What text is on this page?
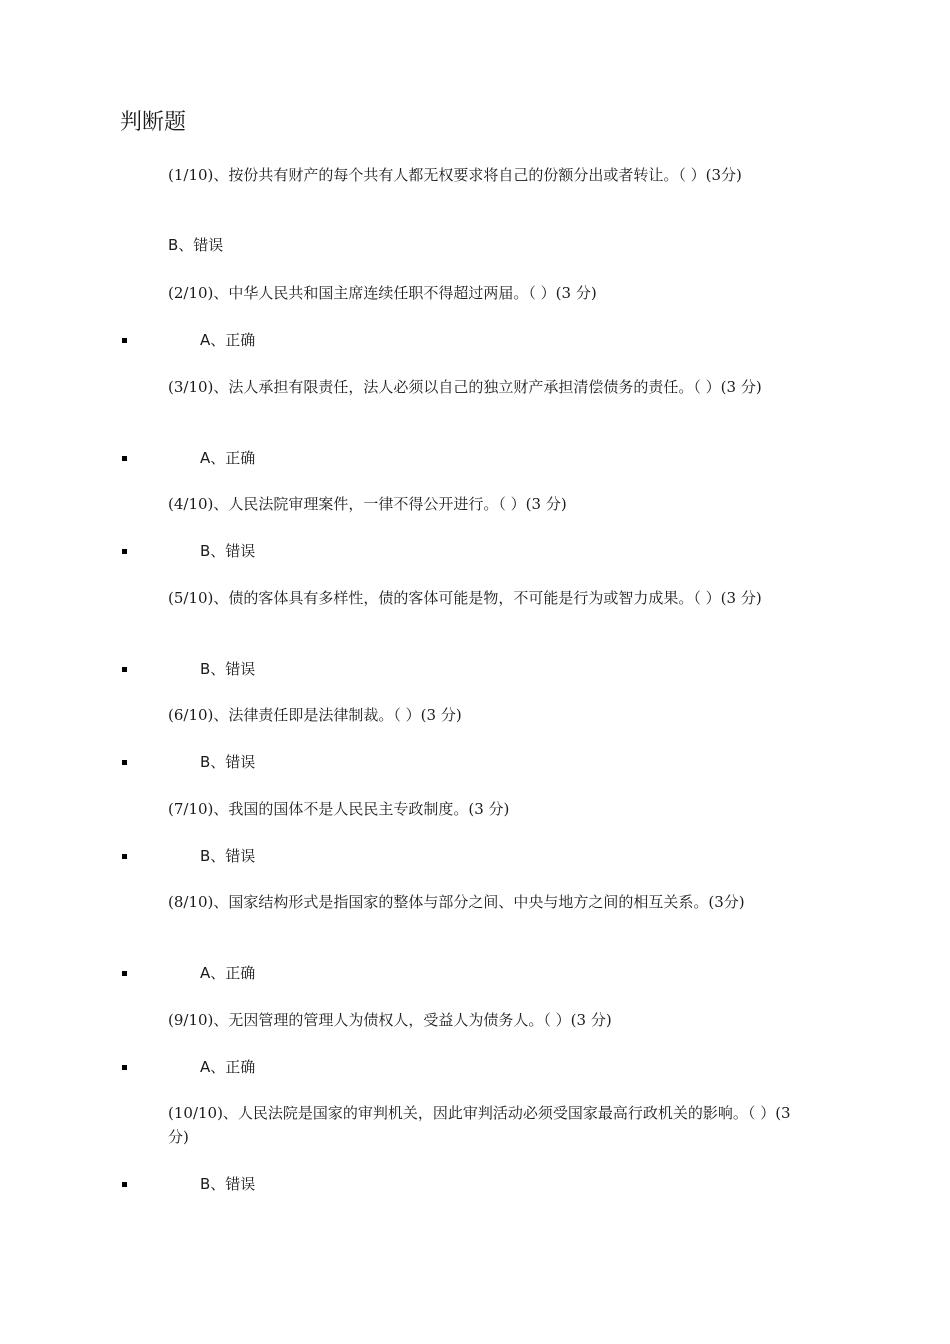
判断题

(1/10)、按份共有财产的每个共有人都无权要求将自己的份额分出或者转让。（ ）(3分)

B、错误

(2/10)、中华人民共和国主席连续任职不得超过两届。（ ）(3 分)

A、正确

(3/10)、法人承担有限责任，法人必须以自己的独立财产承担清偿债务的责任。（ ）(3 分)

A、正确

(4/10)、人民法院审理案件，一律不得公开进行。（ ）(3 分)

B、错误

(5/10)、债的客体具有多样性，债的客体可能是物，不可能是行为或智力成果。（ ）(3 分)

B、错误

(6/10)、法律责任即是法律制裁。（ ）(3 分)

B、错误

(7/10)、我国的国体不是人民民主专政制度。(3 分)

B、错误

(8/10)、国家结构形式是指国家的整体与部分之间、中央与地方之间的相互关系。(3分)

A、正确

(9/10)、无因管理的管理人为债权人，受益人为债务人。（ ）(3 分)

A、正确

(10/10)、人民法院是国家的审判机关，因此审判活动必须受国家最高行政机关的影响。（ ）(3 分)

B、错误
